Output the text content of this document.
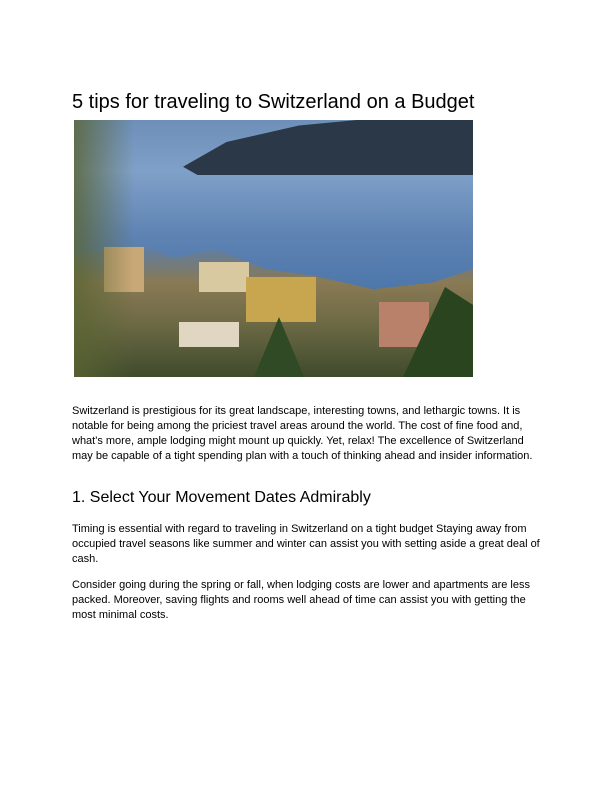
5 tips for traveling to Switzerland on a Budget
Switzerland is prestigious for its great landscape, interesting towns, and lethargic towns. It is notable for being among the priciest travel areas around the world. The cost of fine food and, what's more, ample lodging might mount up quickly. Yet, relax! The excellence of Switzerland may be capable of a tight spending plan with a touch of thinking ahead and insider information.
1. Select Your Movement Dates Admirably
Timing is essential with regard to traveling in Switzerland on a tight budget Staying away from occupied travel seasons like summer and winter can assist you with setting aside a great deal of cash.
Consider going during the spring or fall, when lodging costs are lower and apartments are less packed. Moreover, saving flights and rooms well ahead of time can assist you with getting the most minimal costs.
